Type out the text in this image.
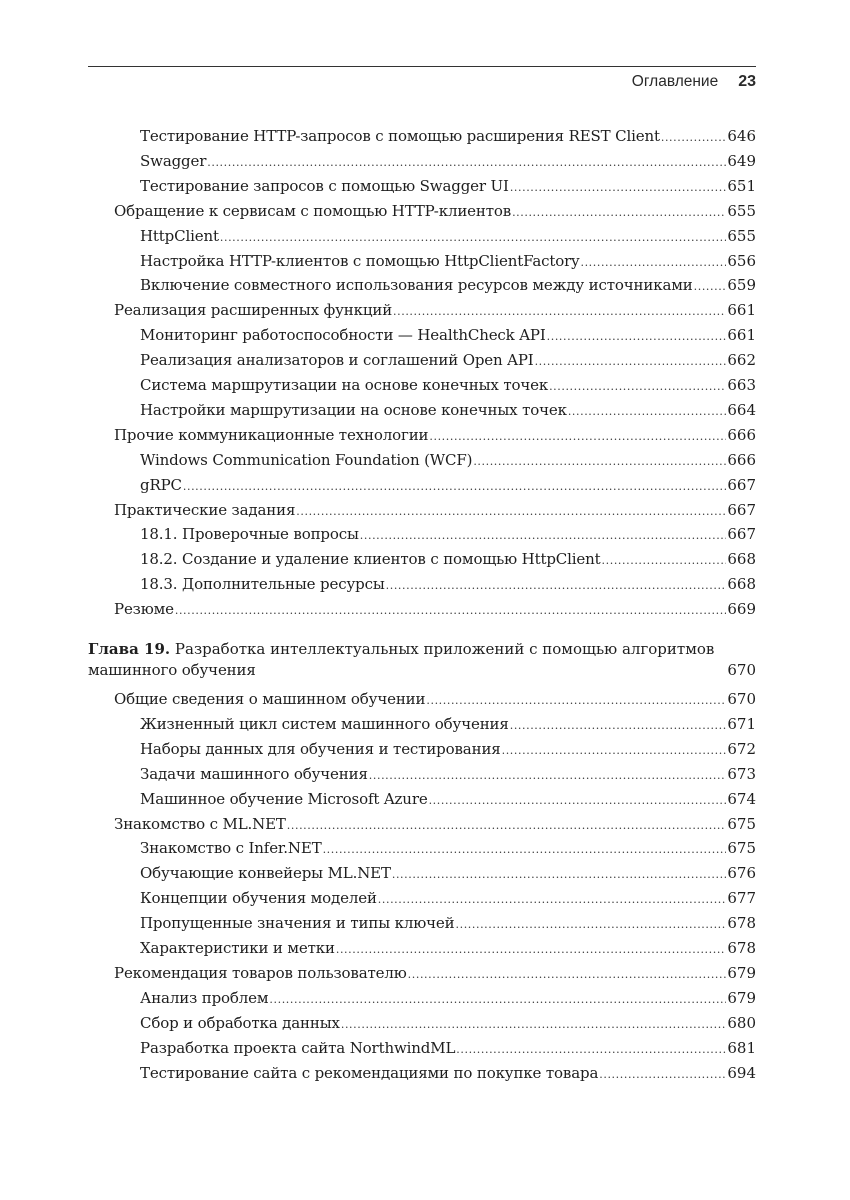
Оглавление 23
Тестирование HTTP-запросов с помощью расширения REST Client .....	646
Swagger .....	649
Тестирование запросов с помощью Swagger UI .....	651
Обращение к сервисам с помощью HTTP-клиентов .....	655
HttpClient .....	655
Настройка HTTP-клиентов с помощью HttpClientFactory .....	656
Включение совместного использования ресурсов между источниками ..... 659
Реализация расширенных функций .....	661
Мониторинг работоспособности — HealthCheck API .....	661
Реализация анализаторов и соглашений Open API .....	662
Система маршрутизации на основе конечных точек .....	663
Настройки маршрутизации на основе конечных точек .....	664
Прочие коммуникационные технологии .....	666
Windows Communication Foundation (WCF) .....	666
gRPC .....	667
Практические задания .....	667
18.1. Проверочные вопросы .....	667
18.2. Создание и удаление клиентов с помощью HttpClient .....	668
18.3. Дополнительные ресурсы .....	668
Резюме .....	669
Глава 19. Разработка интеллектуальных приложений с помощью алгоритмов
машинного обучения	670
Общие сведения о машинном обучении .....	670
Жизненный цикл систем машинного обучения .....	671
Наборы данных для обучения и тестирования .....	672
Задачи машинного обучения .....	673
Машинное обучение Microsoft Azure .....	674
Знакомство с ML.NET .....	675
Знакомство с Infer.NET .....	675
Обучающие конвейеры ML.NET .....	676
Концепции обучения моделей .....	677
Пропущенные значения и типы ключей .....	678
Характеристики и метки .....	678
Рекомендация товаров пользователю .....	679
Анализ проблем .....	679
Сбор и обработка данных .....	680
Разработка проекта сайта NorthwindML .....	681
Тестирование сайта с рекомендациями по покупке товара .....	694
